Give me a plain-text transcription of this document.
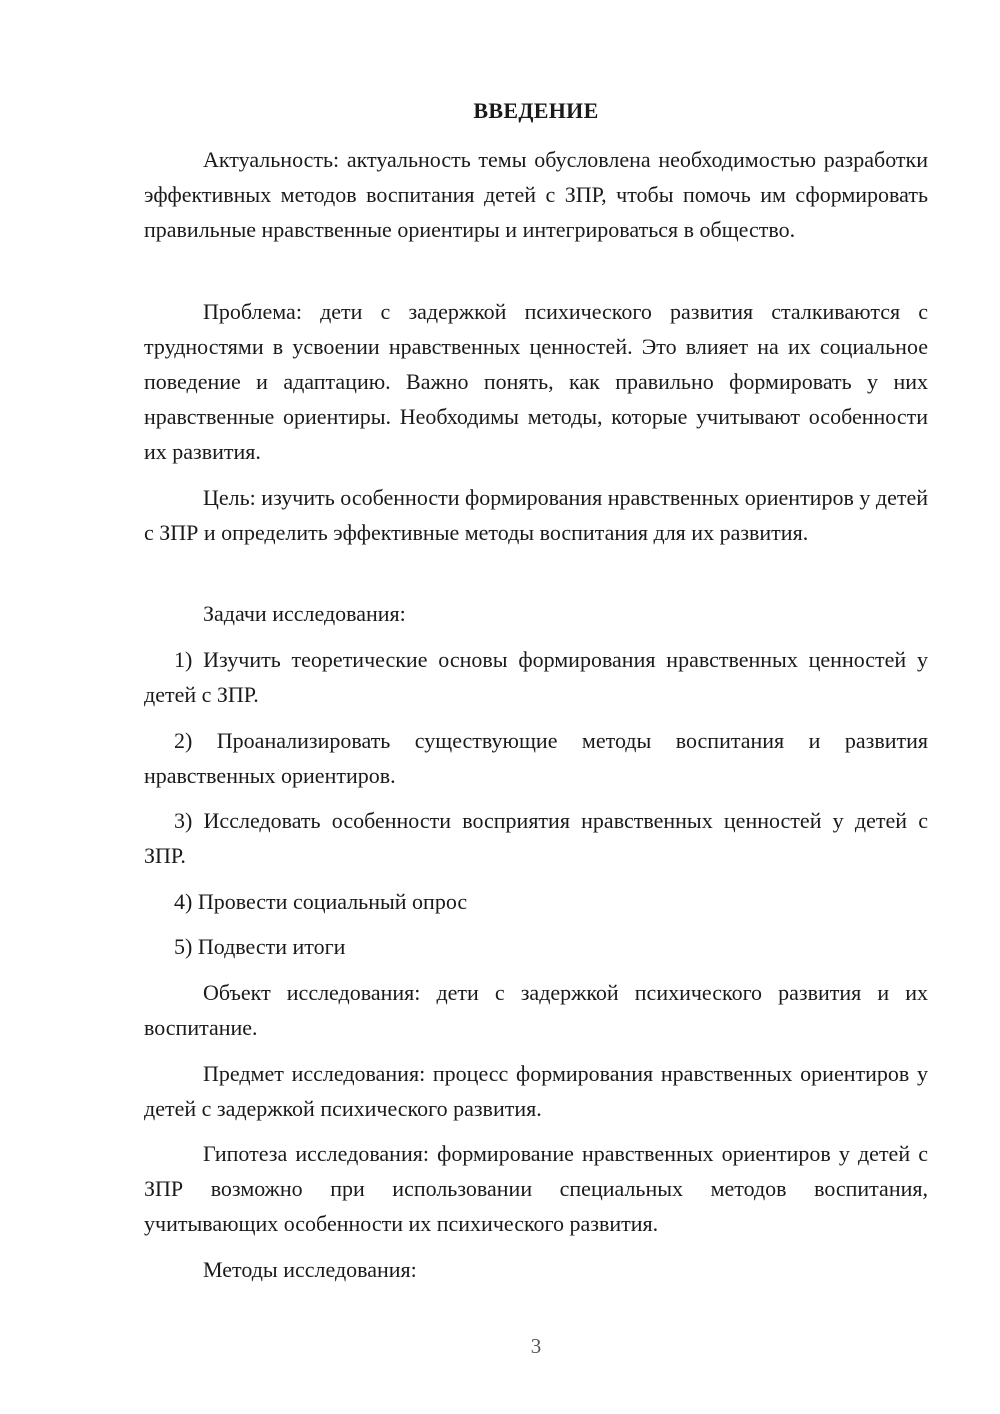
ВВЕДЕНИЕ

Актуальность: актуальность темы обусловлена необходимостью разработки эффективных методов воспитания детей с ЗПР, чтобы помочь им сформировать правильные нравственные ориентиры и интегрироваться в общество.

Проблема: дети с задержкой психического развития сталкиваются с трудностями в усвоении нравственных ценностей. Это влияет на их социальное поведение и адаптацию. Важно понять, как правильно формировать у них нравственные ориентиры. Необходимы методы, которые учитывают особенности их развития.

Цель: изучить особенности формирования нравственных ориентиров у детей с ЗПР и определить эффективные методы воспитания для их развития.

Задачи исследования:

1) Изучить теоретические основы формирования нравственных ценностей у детей с ЗПР.

2) Проанализировать существующие методы воспитания и развития нравственных ориентиров.

3) Исследовать особенности восприятия нравственных ценностей у детей с ЗПР.

4) Провести социальный опрос

5) Подвести итоги

Объект исследования: дети с задержкой психического развития и их воспитание.

Предмет исследования: процесс формирования нравственных ориентиров у детей с задержкой психического развития.

Гипотеза исследования: формирование нравственных ориентиров у детей с ЗПР возможно при использовании специальных методов воспитания, учитывающих особенности их психического развития.

Методы исследования:

3
